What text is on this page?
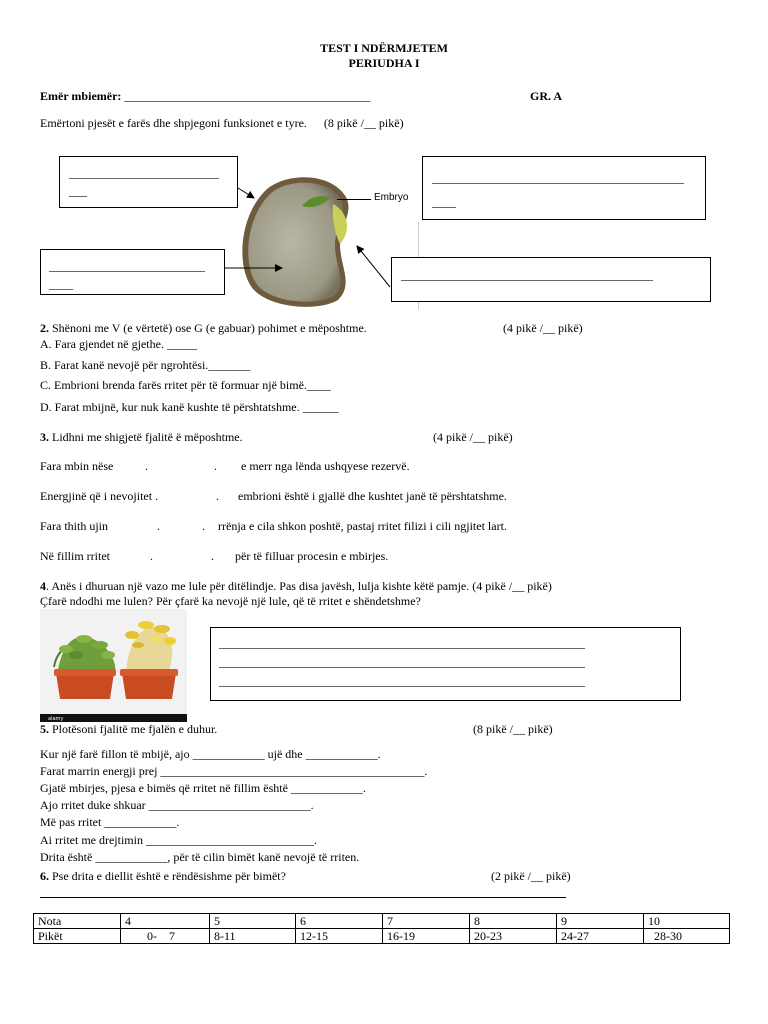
TEST I NDËRMJETEM
PERIUDHA I
Emër mbiemër: _________________________________________	GR. A
Emërtoni pjesët e farës dhe shpjegoni funksionet e tyre. (8 pikë /__ pikë)
Embryo
_________________________
___
__________________________________________
____
__________________________
____
__________________________________________
2. Shënoni me V (e vërtetë) ose G (e gabuar) pohimet e mëposhtme.	(4 pikë /__ pikë)
A. Fara gjendet në gjethe. _____
B. Farat kanë nevojë për ngrohtësi._______
C. Embrioni brenda farës rritet për të formuar një bimë.____
D. Farat mbijnë, kur nuk kanë kushte të përshtatshme. ______
3. Lidhni me shigjetë fjalitë ë mëposhtme.	(4 pikë /__ pikë)
Fara mbin nëse	.	. e merr nga lënda ushqyese rezervë.
Energjinë që i nevojitet .	. embrioni është i gjallë dhe kushtet janë të përshtatshme.
Fara thith ujin	.	. rrënja e cila shkon poshtë, pastaj rritet filizi i cili ngjitet lart.
Në fillim rritet	.	. për të filluar procesin e mbirjes.
4. Anës i dhuruan një vazo me lule për ditëlindje. Pas disa javësh, lulja kishte këtë pamje. (4 pikë /__ pikë)
Çfarë ndodhi me lulen? Për çfarë ka nevojë një lule, që të rritet e shëndetshme?
alamy
_____________________________________________________________
_____________________________________________________________
_____________________________________________________________
5. Plotësoni fjalitë me fjalën e duhur.	(8 pikë /__ pikë)
Kur një farë fillon të mbijë, ajo ____________ ujë dhe ____________.
Farat marrin energji prej ____________________________________________.
Gjatë mbirjes, pjesa e bimës që rritet në fillim është ____________.
Ajo rritet duke shkuar ___________________________.
Më pas rritet ____________.
Ai rritet me drejtimin ____________________________.
Drita është ____________, për të cilin bimët kanë nevojë të rriten.
6. Pse drita e diellit është e rëndësishme për bimët?	(2 pikë /__ pikë)
Nota	4	5	6	7	8	9	10
Pikët	0-    7	8-11	12-15	16-19	20-23	24-27	28-30
